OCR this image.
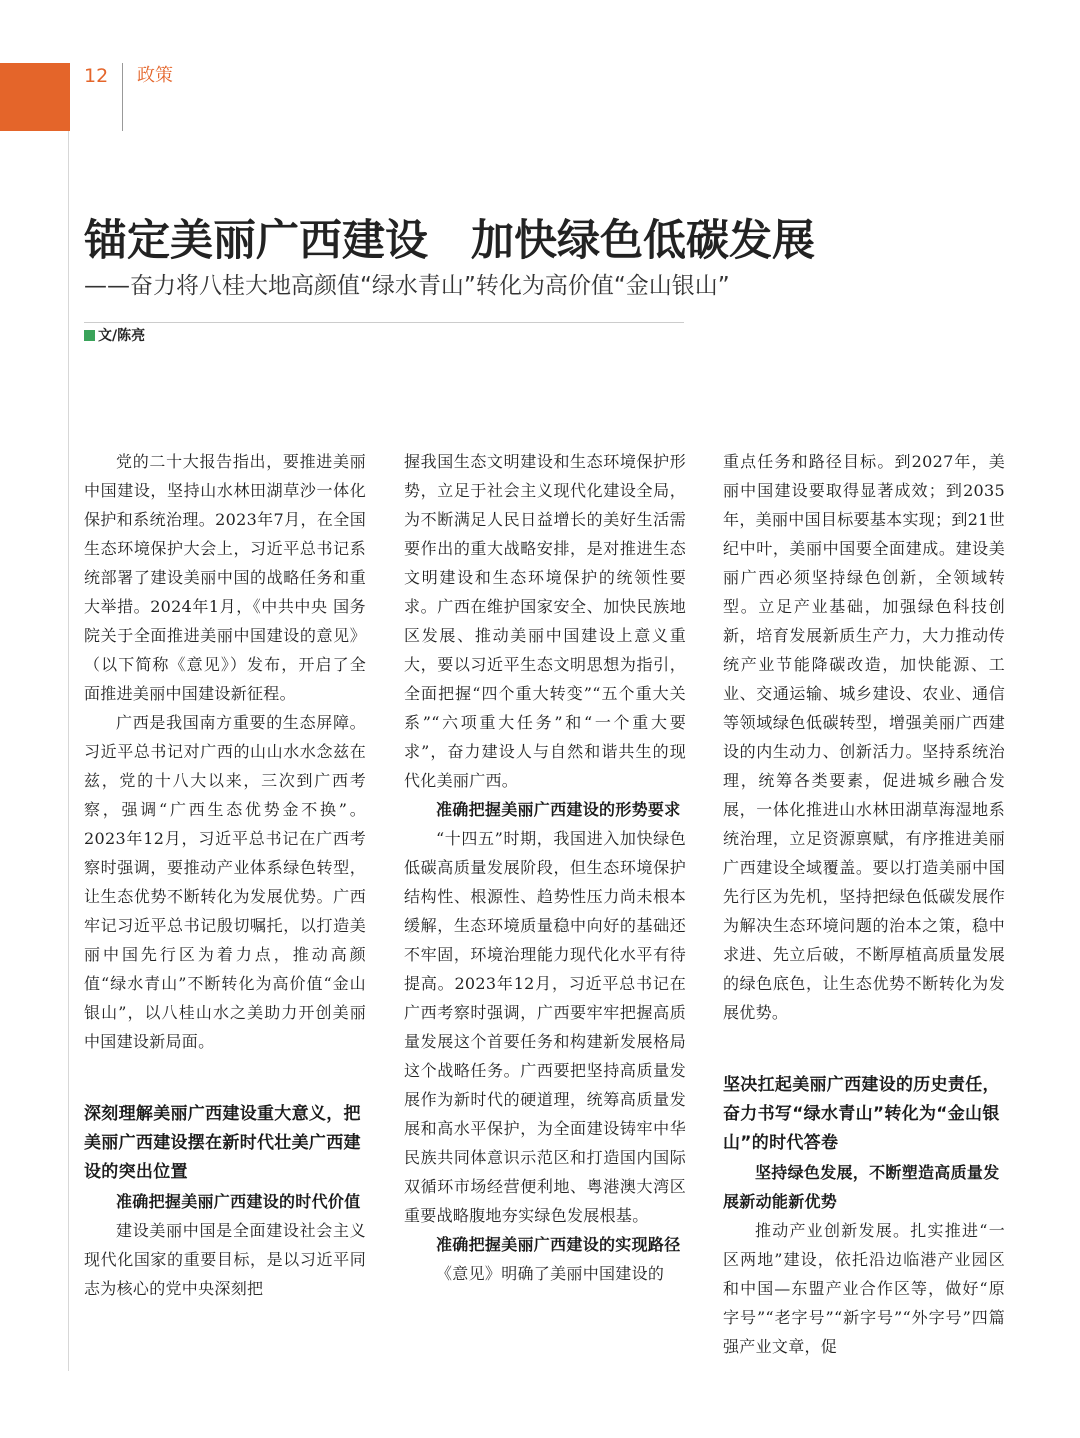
12 政策
锚定美丽广西建设　加快绿色低碳发展

——奋力将八桂大地高颜值“绿水青山”转化为高价值“金山银山”

文/陈亮

党的二十大报告指出，要推进美丽中国建设，坚持山水林田湖草沙一体化保护和系统治理。2023年7月，在全国生态环境保护大会上，习近平总书记系统部署了建设美丽中国的战略任务和重大举措。2024年1月，《中共中央 国务院关于全面推进美丽中国建设的意见》（以下简称《意见》）发布，开启了全面推进美丽中国建设新征程。

广西是我国南方重要的生态屏障。习近平总书记对广西的山山水水念兹在兹，党的十八大以来，三次到广西考察，强调“广西生态优势金不换”。2023年12月，习近平总书记在广西考察时强调，要推动产业体系绿色转型，让生态优势不断转化为发展优势。广西牢记习近平总书记殷切嘱托，以打造美丽中国先行区为着力点，推动高颜值“绿水青山”不断转化为高价值“金山银山”，以八桂山水之美助力开创美丽中国建设新局面。

深刻理解美丽广西建设重大意义，把美丽广西建设摆在新时代壮美广西建设的突出位置
准确把握美丽广西建设的时代价值

建设美丽中国是全面建设社会主义现代化国家的重要目标，是以习近平同志为核心的党中央深刻把

握我国生态文明建设和生态环境保护形势，立足于社会主义现代化建设全局，为不断满足人民日益增长的美好生活需要作出的重大战略安排，是对推进生态文明建设和生态环境保护的统领性要求。广西在维护国家安全、加快民族地区发展、推动美丽中国建设上意义重大，要以习近平生态文明思想为指引，全面把握“四个重大转变”“五个重大关系”“六项重大任务”和“一个重大要求”，奋力建设人与自然和谐共生的现代化美丽广西。

准确把握美丽广西建设的形势要求

“十四五”时期，我国进入加快绿色低碳高质量发展阶段，但生态环境保护结构性、根源性、趋势性压力尚未根本缓解，生态环境质量稳中向好的基础还不牢固，环境治理能力现代化水平有待提高。2023年12月，习近平总书记在广西考察时强调，广西要牢牢把握高质量发展这个首要任务和构建新发展格局这个战略任务。广西要把坚持高质量发展作为新时代的硬道理，统筹高质量发展和高水平保护，为全面建设铸牢中华民族共同体意识示范区和打造国内国际双循环市场经营便利地、粤港澳大湾区重要战略腹地夯实绿色发展根基。

准确把握美丽广西建设的实现路径

《意见》明确了美丽中国建设的

重点任务和路径目标。到2027年，美丽中国建设要取得显著成效；到2035年，美丽中国目标要基本实现；到21世纪中叶，美丽中国要全面建成。建设美丽广西必须坚持绿色创新，全领域转型。立足产业基础，加强绿色科技创新，培育发展新质生产力，大力推动传统产业节能降碳改造，加快能源、工业、交通运输、城乡建设、农业、通信等领域绿色低碳转型，增强美丽广西建设的内生动力、创新活力。坚持系统治理，统筹各类要素，促进城乡融合发展，一体化推进山水林田湖草海湿地系统治理，立足资源禀赋，有序推进美丽广西建设全域覆盖。要以打造美丽中国先行区为先机，坚持把绿色低碳发展作为解决生态环境问题的治本之策，稳中求进、先立后破，不断厚植高质量发展的绿色底色，让生态优势不断转化为发展优势。

坚决扛起美丽广西建设的历史责任，奋力书写“绿水青山”转化为“金山银山”的时代答卷
坚持绿色发展，不断塑造高质量发展新动能新优势

推动产业创新发展。扎实推进“一区两地”建设，依托沿边临港产业园区和中国—东盟产业合作区等，做好“原字号”“老字号”“新字号”“外字号”四篇强产业文章，促
